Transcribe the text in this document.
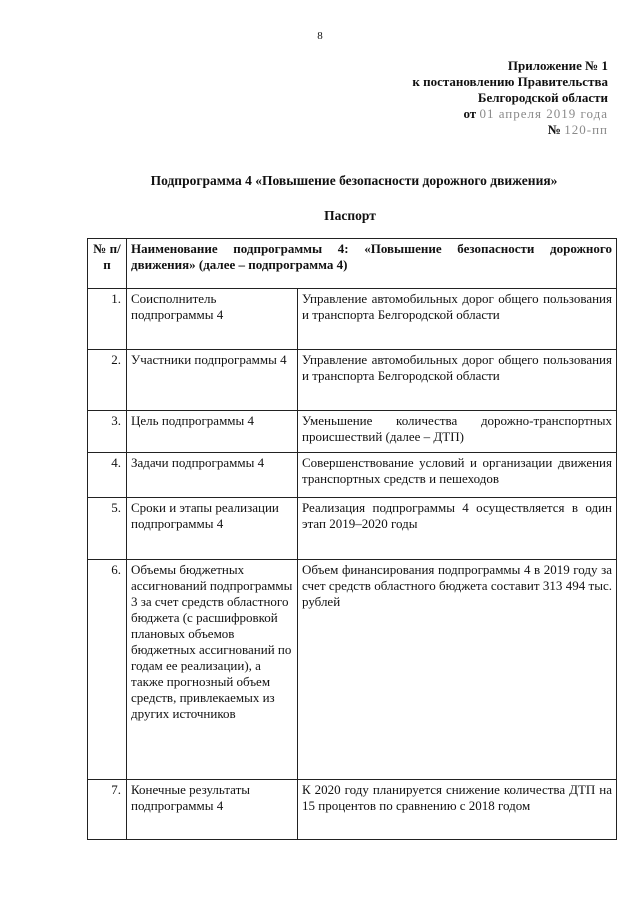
8
Приложение № 1
к постановлению Правительства
Белгородской области
от 01 апреля 2019 года
№ 120-пп
Подпрограмма 4 «Повышение безопасности дорожного движения»
Паспорт
№ п/п	Наименование подпрограммы 4: «Повышение безопасности дорожного движения» (далее – подпрограмма 4)	
1.	Соисполнитель подпрограммы 4	Управление автомобильных дорог общего пользования и транспорта Белгородской области
2.	Участники подпрограммы 4	Управление автомобильных дорог общего пользования и транспорта Белгородской области
3.	Цель подпрограммы 4	Уменьшение количества дорожно-транспортных происшествий (далее – ДТП)
4.	Задачи подпрограммы 4	Совершенствование условий и организации движения транспортных средств и пешеходов
5.	Сроки и этапы реализации подпрограммы 4	Реализация подпрограммы 4 осуществляется в один этап 2019–2020 годы
6.	Объемы бюджетных ассигнований подпрограммы 3 за счет средств областного бюджета (с расшифровкой плановых объемов бюджетных ассигнований по годам ее реализации), а также прогнозный объем средств, привлекаемых из других источников	Объем финансирования подпрограммы 4 в 2019 году за счет средств областного бюджета составит 313 494 тыс. рублей
7.	Конечные результаты подпрограммы 4	К 2020 году планируется снижение количества ДТП на 15 процентов по сравнению с 2018 годом
